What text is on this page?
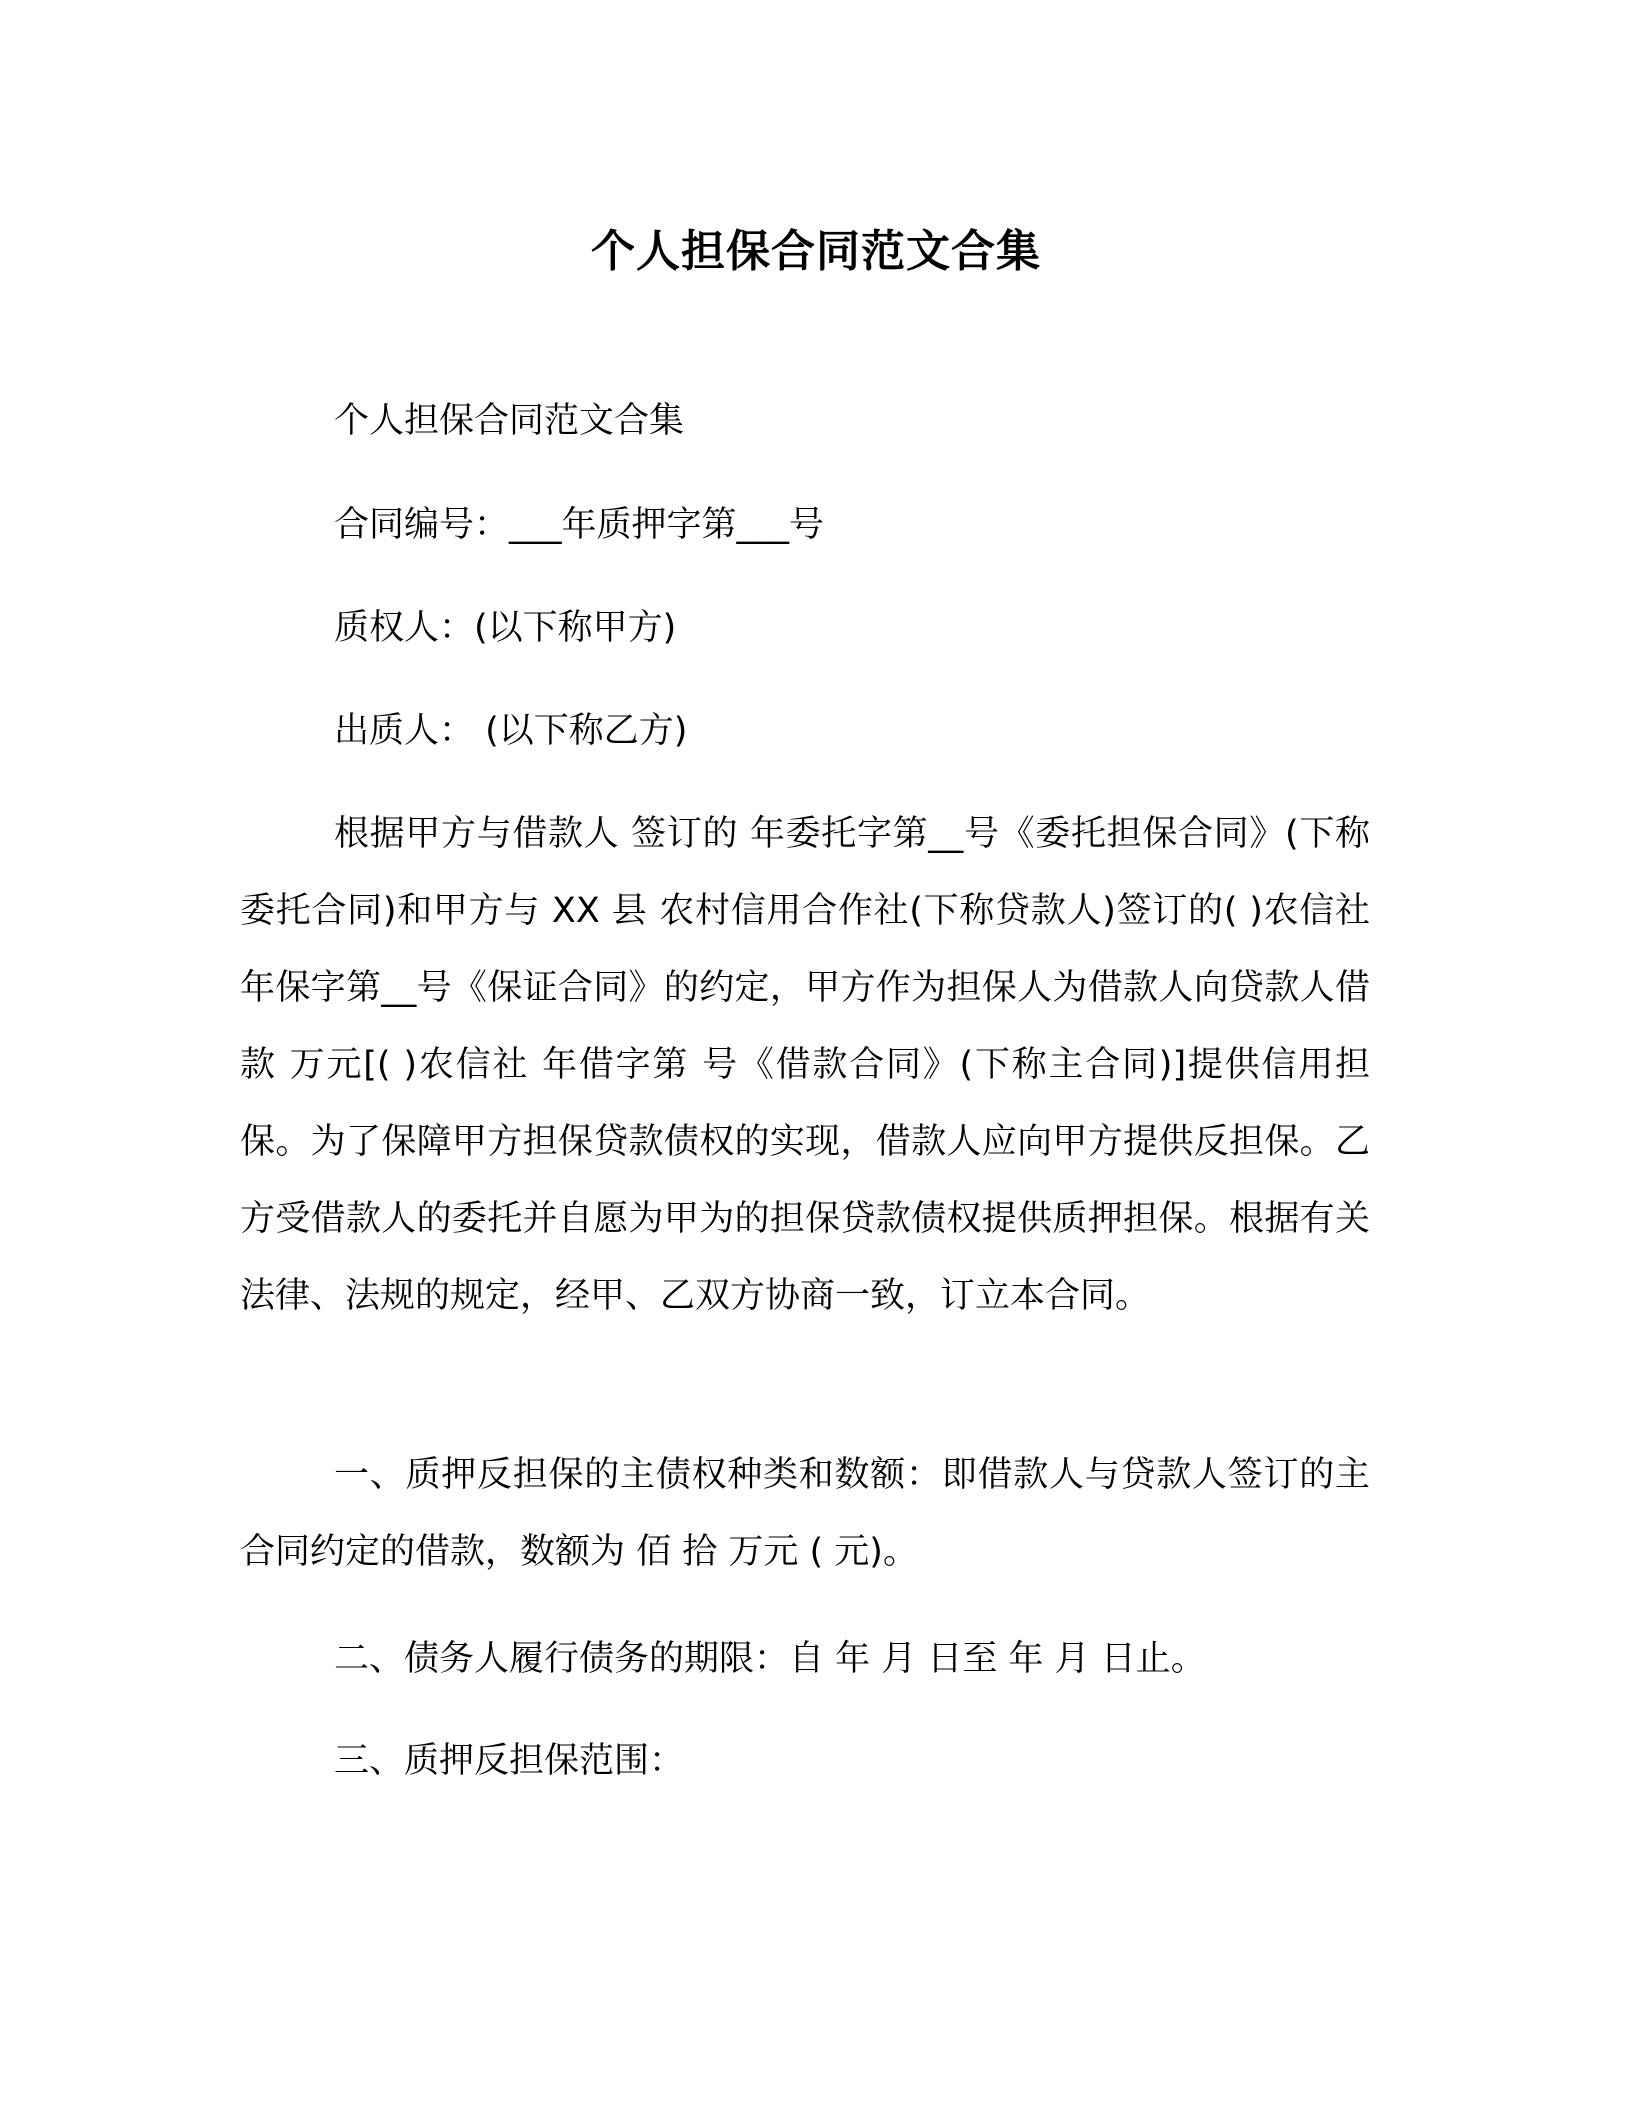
个人担保合同范文合集
个人担保合同范文合集
合同编号：___年质押字第___号
质权人：(以下称甲方)
出质人： (以下称乙方)

根据甲方与借款人 签订的 年委托字第__号《委托担保合同》(下称委托合同)和甲方与 XX 县 农村信用合作社(下称贷款人)签订的( )农信社 年保字第__号《保证合同》的约定，甲方作为担保人为借款人向贷款人借款 万元[( )农信社 年借字第 号《借款合同》(下称主合同)]提供信用担保。为了保障甲方担保贷款债权的实现，借款人应向甲方提供反担保。乙方受借款人的委托并自愿为甲为的担保贷款债权提供质押担保。根据有关法律、法规的规定，经甲、乙双方协商一致，订立本合同。

一、质押反担保的主债权种类和数额：即借款人与贷款人签订的主合同约定的借款，数额为 佰 拾 万元 ( 元)。

二、债务人履行债务的期限：自 年 月 日至 年 月 日止。
三、质押反担保范围：
